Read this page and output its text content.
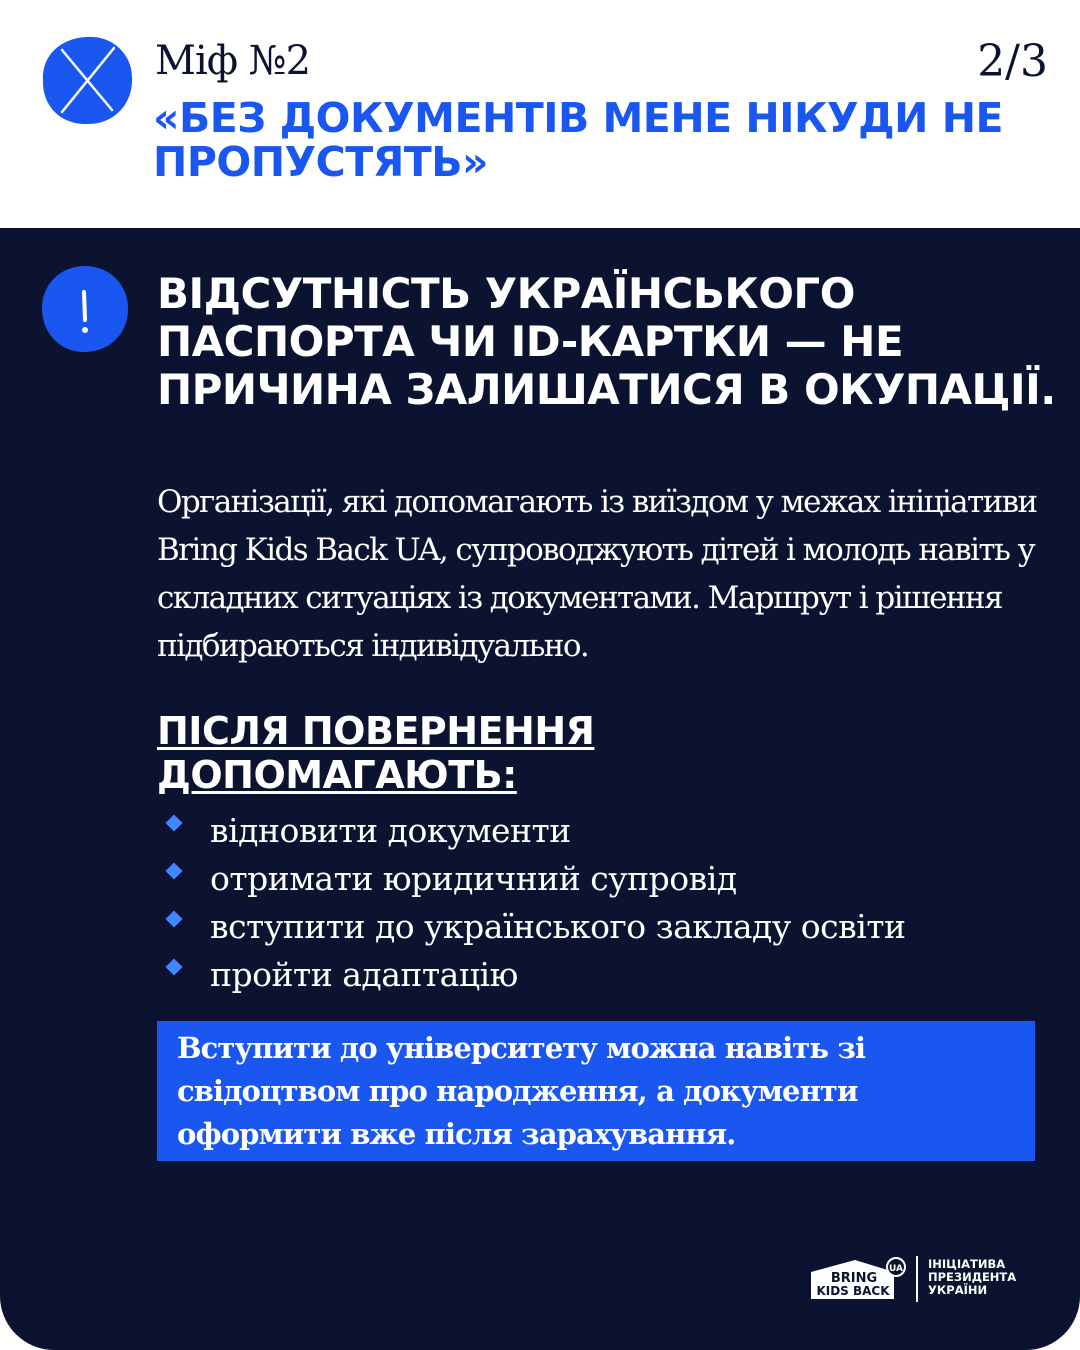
Міф №2	2/3
«БЕЗ ДОКУМЕНТІВ МЕНЕ НІКУДИ НЕ ПРОПУСТЯТЬ»
ВІДСУТНІСТЬ УКРАЇНСЬКОГО ПАСПОРТА ЧИ ID-КАРТКИ — НЕ ПРИЧИНА ЗАЛИШАТИСЯ В ОКУПАЦІЇ.
Організації, які допомагають із виїздом у межах ініціативи Bring Kids Back UA, супроводжують дітей і молодь навіть у складних ситуаціях із документами. Маршрут і рішення підбираються індивідуально.
ПІСЛЯ ПОВЕРНЕННЯ ДОПОМАГАЮТЬ:
відновити документи
отримати юридичний супровід
вступити до українського закладу освіти
пройти адаптацію
Вступити до університету можна навіть зі свідоцтвом про народження, а документи оформити вже після зарахування.
BRING
KIDS BACK
UA ІНІЦІАТИВА
ПРЕЗИДЕНТА
УКРАЇНИ
